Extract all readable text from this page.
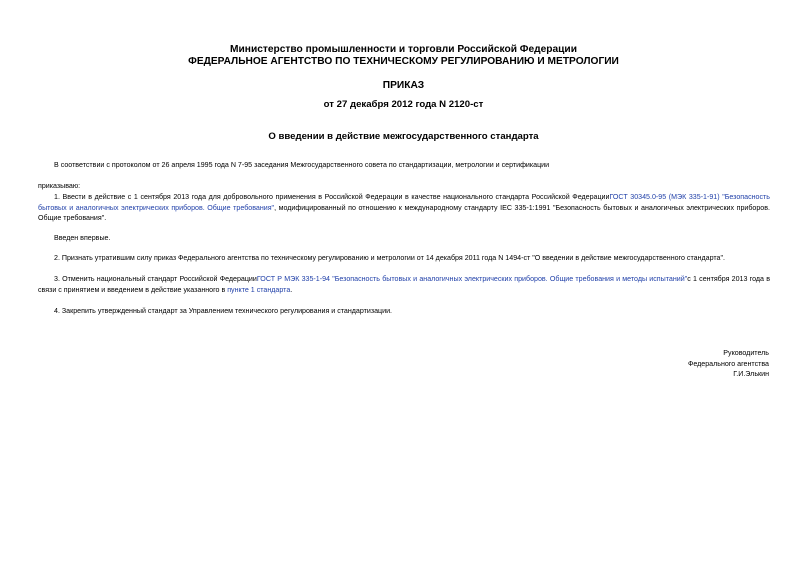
Министерство промышленности и торговли Российской Федерации
ФЕДЕРАЛЬНОЕ АГЕНТСТВО ПО ТЕХНИЧЕСКОМУ РЕГУЛИРОВАНИЮ И МЕТРОЛОГИИ
ПРИКАЗ
от 27 декабря 2012 года N 2120-ст
О введении в действие межгосударственного стандарта
В соответствии с протоколом от 26 апреля 1995 года N 7-95 заседания Межгосударственного совета по стандартизации, метрологии и сертификации
приказываю:
1. Ввести в действие с 1 сентября 2013 года для добровольного применения в Российской Федерации в качестве национального стандарта Российской ФедерацииГОСТ 30345.0-95 (МЭК 335-1-91) "Безопасность бытовых и аналогичных электрических приборов. Общие требования", модифицированный по отношению к международному стандарту IEC 335-1:1991 "Безопасность бытовых и аналогичных электрических приборов. Общие требования".
Введен впервые.
2. Признать утратившим силу приказ Федерального агентства по техническому регулированию и метрологии от 14 декабря 2011 года N 1494-ст "О введении в действие межгосударственного стандарта".
3. Отменить национальный стандарт Российской ФедерацииГОСТ Р МЭК 335-1-94 "Безопасность бытовых и аналогичных электрических приборов. Общие требования и методы испытаний"с 1 сентября 2013 года в связи с принятием и введением в действие указанного в пункте 1 стандарта.
4. Закрепить утвержденный стандарт за Управлением технического регулирования и стандартизации.
Руководитель
Федерального агентства
Г.И.Элькин
